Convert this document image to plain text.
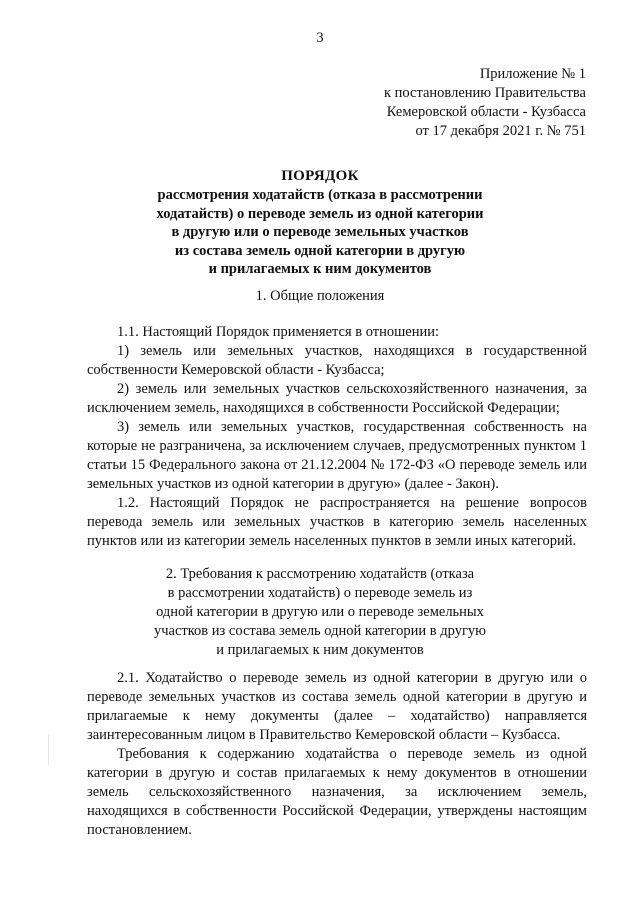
3
Приложение № 1
к постановлению Правительства
Кемеровской области - Кузбасса
от 17 декабря 2021 г. № 751
ПОРЯДОК
рассмотрения ходатайств (отказа в рассмотрении
ходатайств) о переводе земель из одной категории
в другую или о переводе земельных участков
из состава земель одной категории в другую
и прилагаемых к ним документов
1. Общие положения

1.1. Настоящий Порядок применяется в отношении:

1) земель или земельных участков, находящихся в государственной собственности Кемеровской области - Кузбасса;

2) земель или земельных участков сельскохозяйственного назначения, за исключением земель, находящихся в собственности Российской Федерации;

3) земель или земельных участков, государственная собственность на которые не разграничена, за исключением случаев, предусмотренных пунктом 1 статьи 15 Федерального закона от 21.12.2004 № 172-ФЗ «О переводе земель или земельных участков из одной категории в другую» (далее - Закон).

1.2. Настоящий Порядок не распространяется на решение вопросов перевода земель или земельных участков в категорию земель населенных пунктов или из категории земель населенных пунктов в земли иных категорий.

2. Требования к рассмотрению ходатайств (отказа
в рассмотрении ходатайств) о переводе земель из
одной категории в другую или о переводе земельных
участков из состава земель одной категории в другую
и прилагаемых к ним документов

2.1. Ходатайство о переводе земель из одной категории в другую или о переводе земельных участков из состава земель одной категории в другую и прилагаемые к нему документы (далее – ходатайство) направляется заинтересованным лицом в Правительство Кемеровской области – Кузбасса.

Требования к содержанию ходатайства о переводе земель из одной категории в другую и состав прилагаемых к нему документов в отношении земель сельскохозяйственного назначения, за исключением земель, находящихся в собственности Российской Федерации, утверждены настоящим постановлением.
